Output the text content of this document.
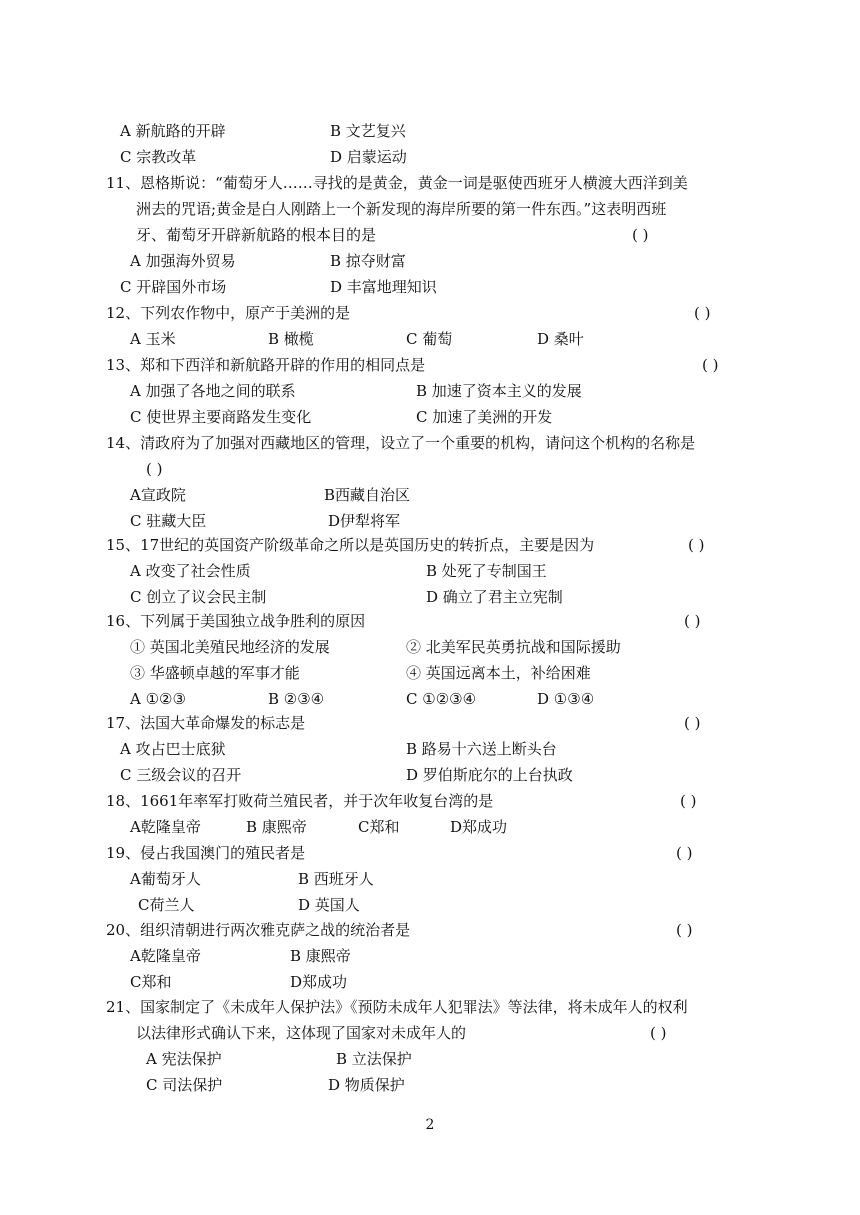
A 新航路的开辟	B 文艺复兴
C 宗教改革	D 启蒙运动
11、恩格斯说：“葡萄牙人……寻找的是黄金，黄金一词是驱使西班牙人横渡大西洋到美
洲去的咒语;黄金是白人刚踏上一个新发现的海岸所要的第一件东西。”这表明西班
牙、葡萄牙开辟新航路的根本目的是	( )
A 加强海外贸易	B 掠夺财富
C 开辟国外市场	D 丰富地理知识
12、下列农作物中，原产于美洲的是	( )
A 玉米	B 橄榄	C 葡萄	D 桑叶
13、郑和下西洋和新航路开辟的作用的相同点是	( )
A 加强了各地之间的联系	B 加速了资本主义的发展
C 使世界主要商路发生变化	C 加速了美洲的开发
14、清政府为了加强对西藏地区的管理，设立了一个重要的机构，请问这个机构的名称是
( )
A宣政院	B西藏自治区
C 驻藏大臣	D伊犁将军
15、17世纪的英国资产阶级革命之所以是英国历史的转折点，主要是因为	( )
A 改变了社会性质	B 处死了专制国王
C 创立了议会民主制	D 确立了君主立宪制
16、下列属于美国独立战争胜利的原因	( )
① 英国北美殖民地经济的发展	② 北美军民英勇抗战和国际援助
③ 华盛顿卓越的军事才能	④ 英国远离本土，补给困难
A ①②③	B ②③④	C ①②③④	D ①③④
17、法国大革命爆发的标志是	( )
A 攻占巴士底狱	B 路易十六送上断头台
C 三级会议的召开	D 罗伯斯庇尔的上台执政
18、1661年率军打败荷兰殖民者，并于次年收复台湾的是	( )
A乾隆皇帝	B 康熙帝	C郑和	D郑成功
19、侵占我国澳门的殖民者是	( )
A葡萄牙人	B 西班牙人
C荷兰人	D 英国人
20、组织清朝进行两次雅克萨之战的统治者是	( )
A乾隆皇帝	B 康熙帝
C郑和	D郑成功
21、国家制定了《未成年人保护法》《预防未成年人犯罪法》等法律，将未成年人的权利
以法律形式确认下来，这体现了国家对未成年人的	( )
A 宪法保护	B 立法保护
C 司法保护	D 物质保护
2
